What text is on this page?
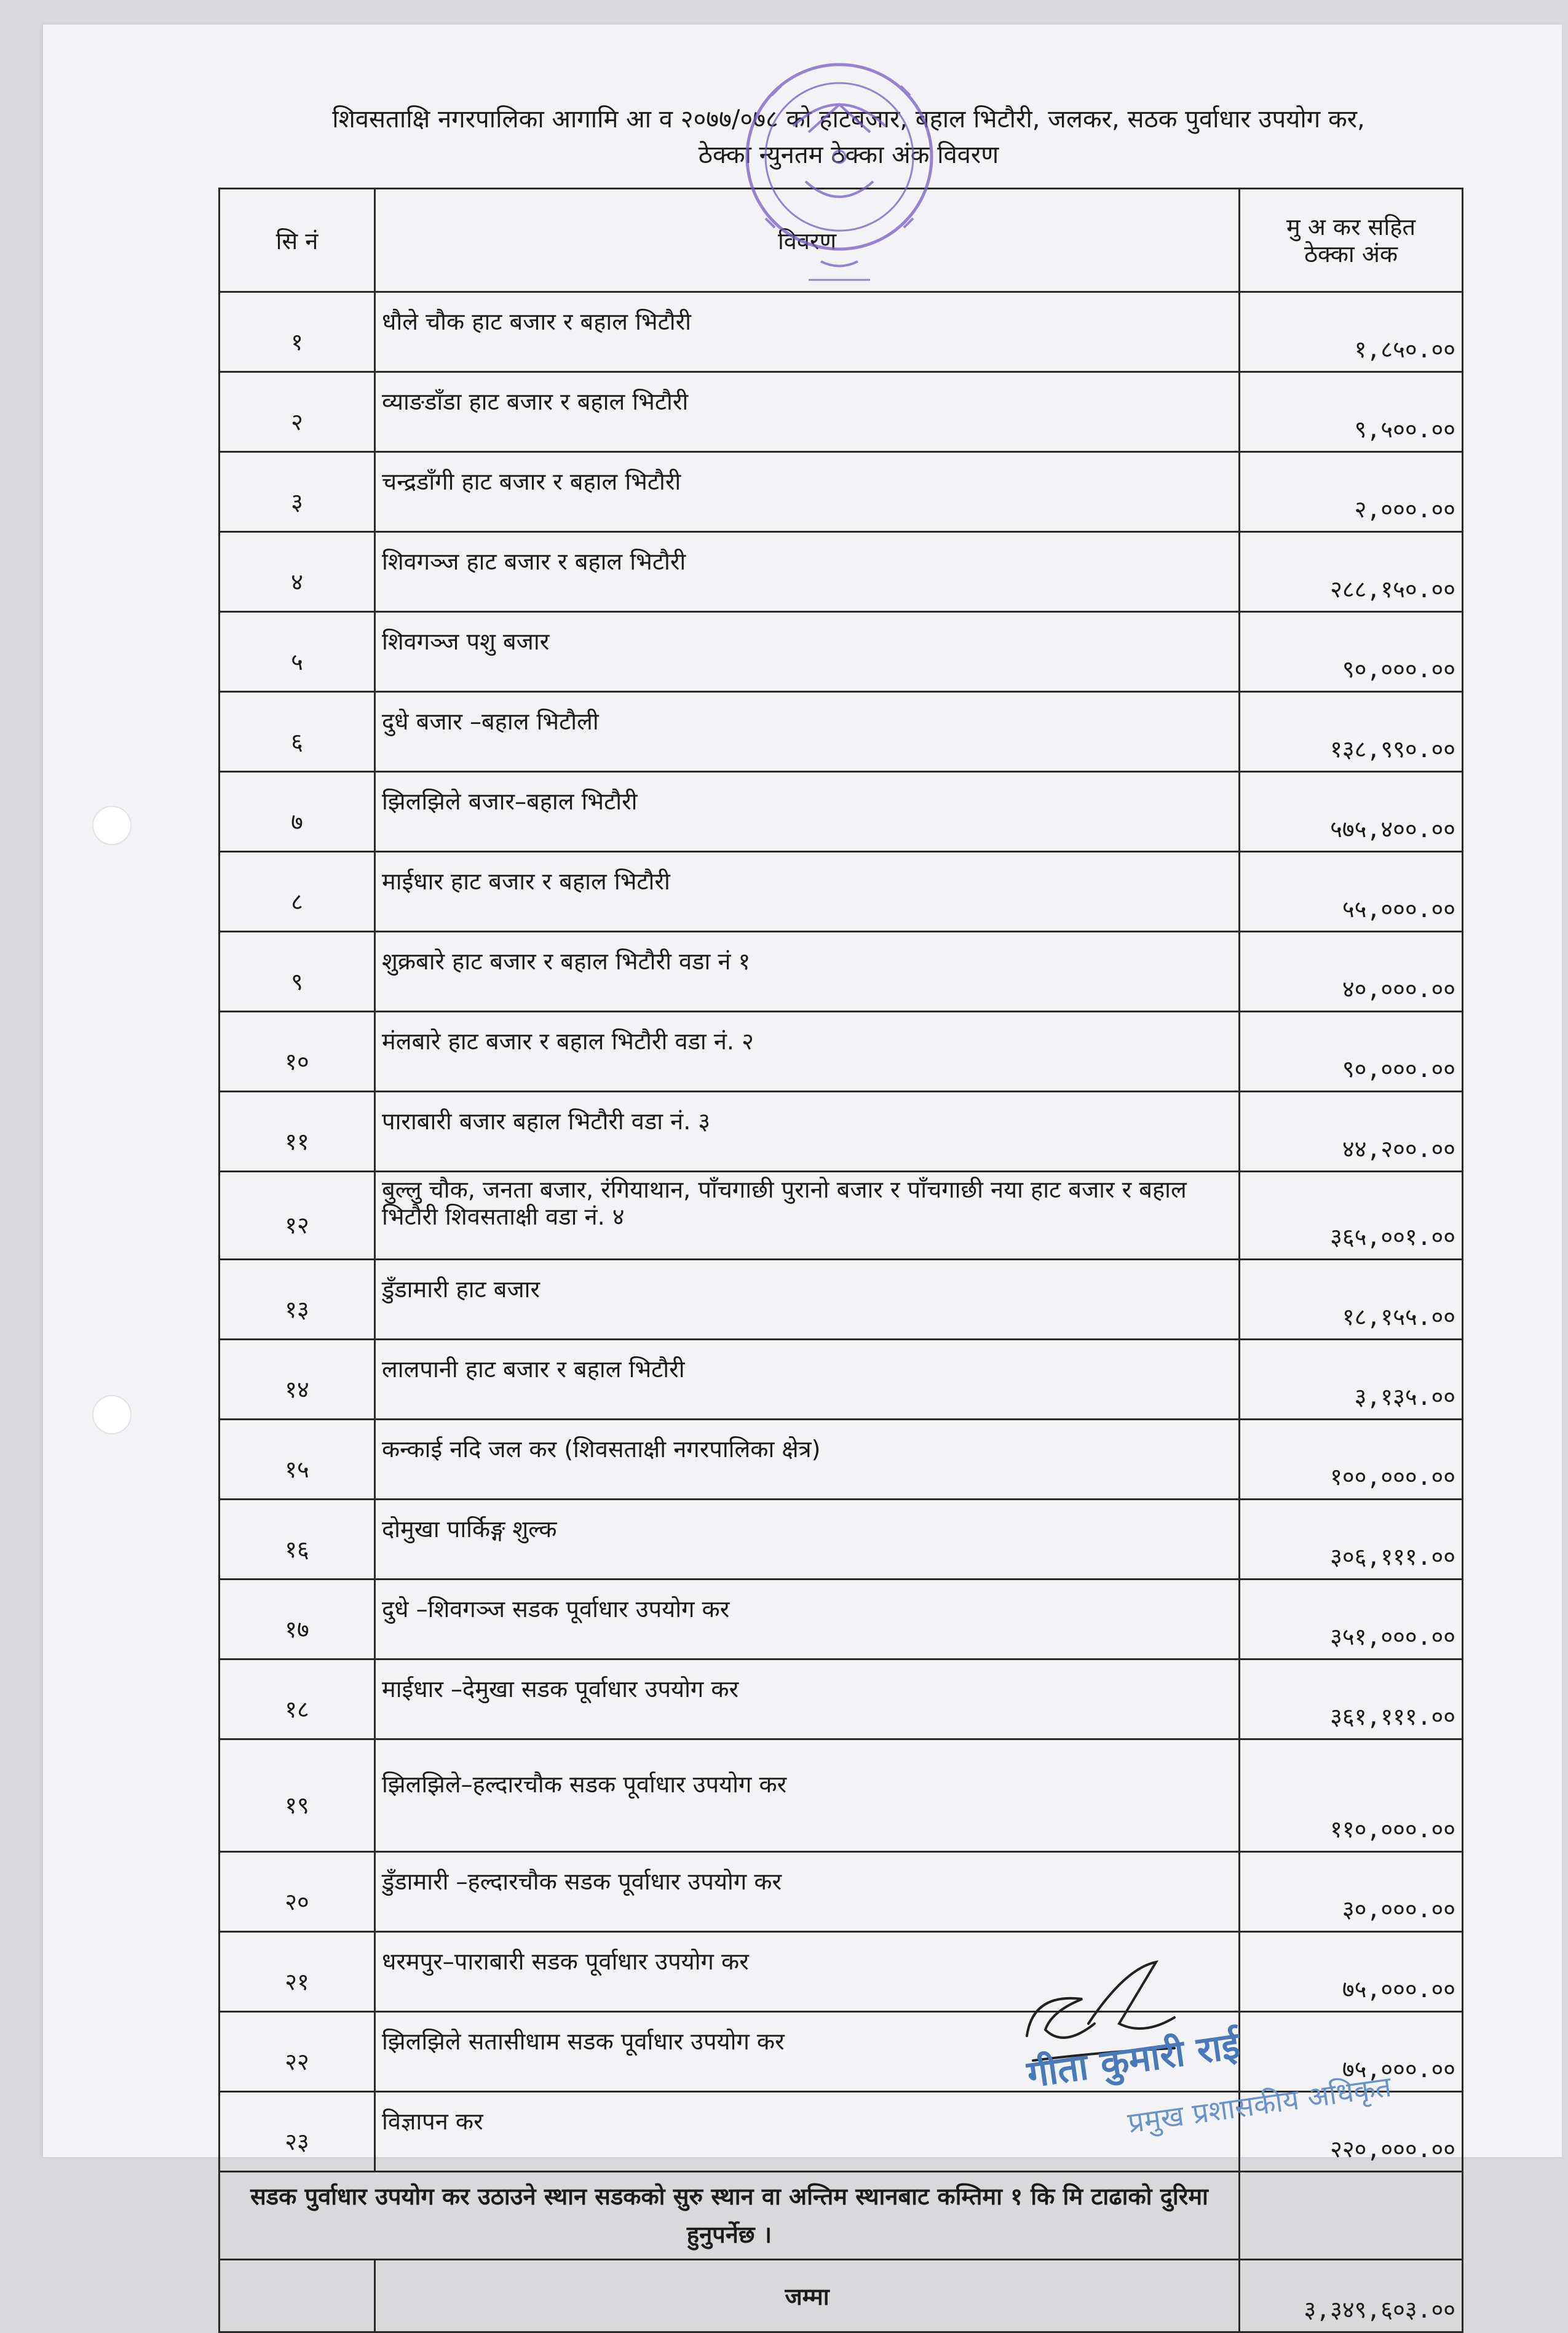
शिवसताक्षि नगरपालिका आगामि आ व २०७७/०७८ को हाटबजार, बहाल भिटौरी, जलकर, सठक पुर्वाधार उपयोग कर,
ठेक्का न्युनतम ठेक्का अंक विवरण
सि नं	विवरण	मु अ कर सहित
ठेक्का अंक

१	धौले चौक हाट बजार र बहाल भिटौरी	१,८५०.००
२	व्याङडाँडा हाट बजार र बहाल भिटौरी	९,५००.००
३	चन्द्रडाँगी हाट बजार र बहाल भिटौरी	२,०००.००
४	शिवगञ्ज हाट बजार र बहाल भिटौरी	२८८,१५०.००
५	शिवगञ्ज पशु बजार	९०,०००.००
६	दुधे बजार –बहाल भिटौली	१३८,९९०.००
७	झिलझिले बजार–बहाल भिटौरी	५७५,४००.००
८	माईधार हाट बजार र बहाल भिटौरी	५५,०००.००
९	शुक्रबारे हाट बजार र बहाल भिटौरी वडा नं १	४०,०००.००
१०	मंलबारे हाट बजार र बहाल भिटौरी वडा नं. २	९०,०००.००
११	पाराबारी बजार बहाल भिटौरी वडा नं. ३	४४,२००.००
१२	बुल्लु चौक, जनता बजार, रंगियाथान, पाँचगाछी पुरानो बजार र पाँचगाछी नया हाट बजार र बहाल भिटौरी शिवसताक्षी वडा नं. ४	३६५,००१.००
१३	डुँडामारी हाट बजार	१८,१५५.००
१४	लालपानी हाट बजार र बहाल भिटौरी	३,१३५.००
१५	कन्काई नदि जल कर (शिवसताक्षी नगरपालिका क्षेत्र)	१००,०००.००
१६	दोमुखा पार्किङ्ग शुल्क	३०६,१११.००
१७	दुधे –शिवगञ्ज सडक पूर्वाधार उपयोग कर	३५१,०००.००
१८	माईधार –देमुखा सडक पूर्वाधार उपयोग कर	३६१,१११.००
१९	झिलझिले–हल्दारचौक सडक पूर्वाधार उपयोग कर	११०,०००.००
२०	डुँडामारी –हल्दारचौक सडक पूर्वाधार उपयोग कर	३०,०००.००
२१	धरमपुर–पाराबारी सडक पूर्वाधार उपयोग कर	७५,०००.००
२२	झिलझिले सतासीधाम सडक पूर्वाधार उपयोग कर	७५,०००.००
२३	विज्ञापन कर	२२०,०००.००
सडक पुर्वाधार उपयोग कर उठाउने स्थान सडकको सुरु स्थान वा अन्तिम स्थानबाट कम्तिमा १ कि मि टाढाको दुरिमा हुनुपर्नेछ ।		
	जम्मा	३,३४९,६०३.००
गीता कुमारी राई
प्रमुख प्रशासकीय अधिकृत
